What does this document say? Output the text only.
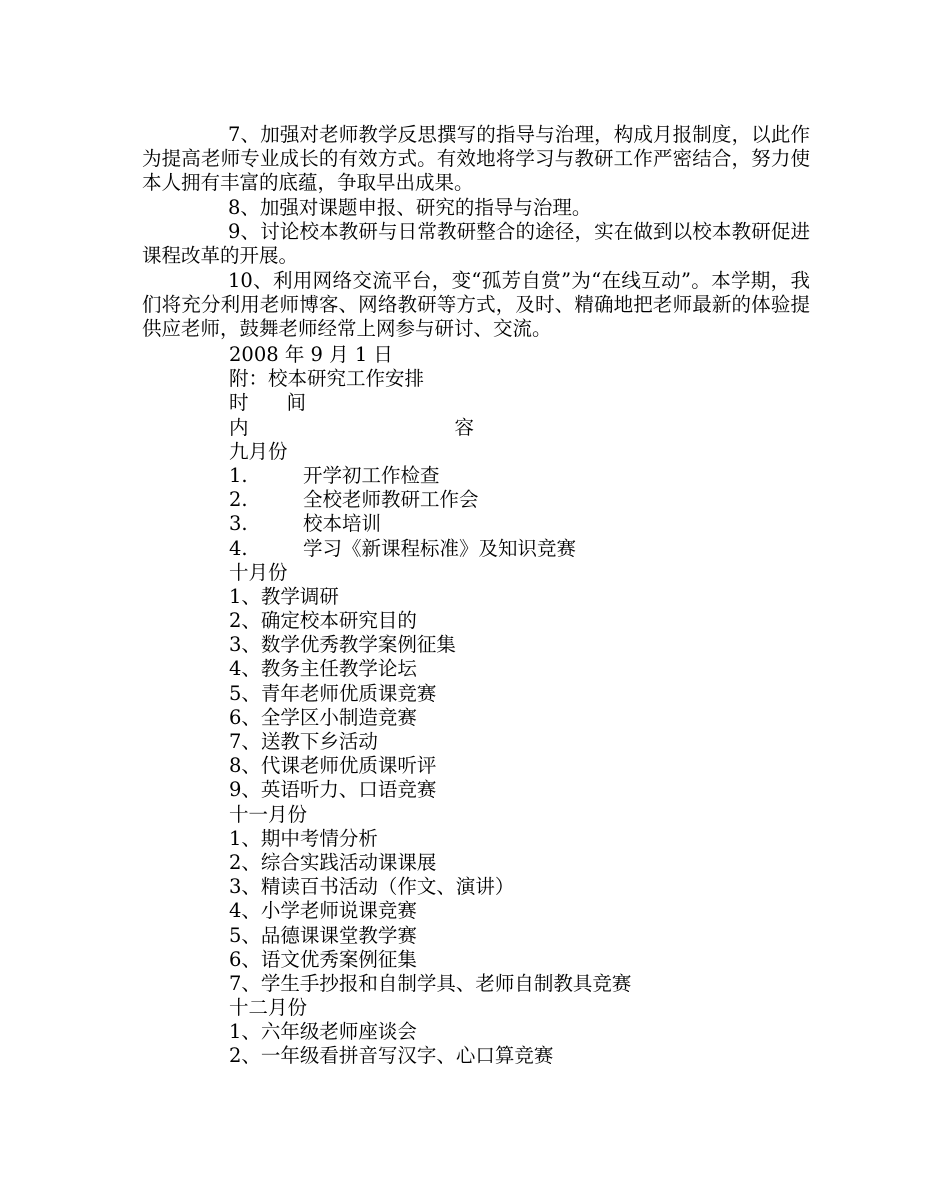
7、加强对老师教学反思撰写的指导与治理，构成月报制度，以此作为提高老师专业成长的有效方式。有效地将学习与教研工作严密结合，努力使本人拥有丰富的底蕴，争取早出成果。

8、加强对课题申报、研究的指导与治理。

9、讨论校本教研与日常教研整合的途径，实在做到以校本教研促进课程改革的开展。

10、利用网络交流平台，变“孤芳自赏”为“在线互动”。本学期，我们将充分利用老师博客、网络教研等方式，及时、精确地把老师最新的体验提供应老师，鼓舞老师经常上网参与研讨、交流。

2008 年 9 月 1 日
附：校本研究工作安排
时 间
内	容
九月份
1.	开学初工作检查
2.	全校老师教研工作会
3.	校本培训
4.	学习《新课程标准》及知识竞赛
十月份
1、教学调研
2、确定校本研究目的
3、数学优秀教学案例征集
4、教务主任教学论坛
5、青年老师优质课竞赛
6、全学区小制造竞赛
7、送教下乡活动
8、代课老师优质课听评
9、英语听力、口语竞赛
十一月份
1、期中考情分析
2、综合实践活动课课展
3、精读百书活动（作文、演讲）
4、小学老师说课竞赛
5、品德课课堂教学赛
6、语文优秀案例征集
7、学生手抄报和自制学具、老师自制教具竞赛
十二月份
1、六年级老师座谈会
2、一年级看拼音写汉字、心口算竞赛
